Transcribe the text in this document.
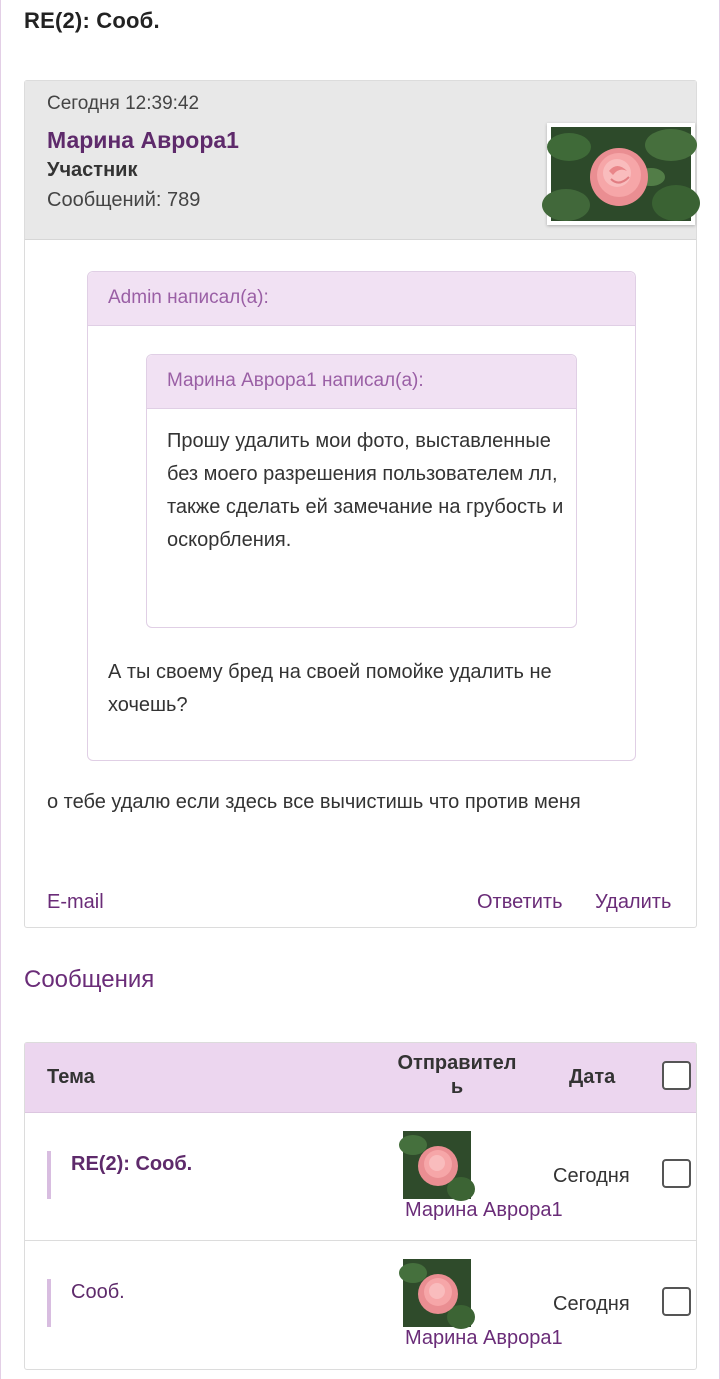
RE(2): Сооб.
Сегодня 12:39:42
Марина Аврора1
Участник
Сообщений: 789
Admin написал(а):
Марина Аврора1 написал(а):
Прошу удалить мои фото, выставленные без моего разрешения пользователем лл, также сделать ей замечание на грубость и оскорбления.
А ты своему бред на своей помойке удалить не хочешь?
о тебе удалю если здесь все вычистишь что против меня
E-mail	Ответить Удалить
Сообщения
Тема
Отправитель	Дата
RE(2): Сооб.
Марина Аврора1
Сегодня
Сооб.
Марина Аврора1
Сегодня
